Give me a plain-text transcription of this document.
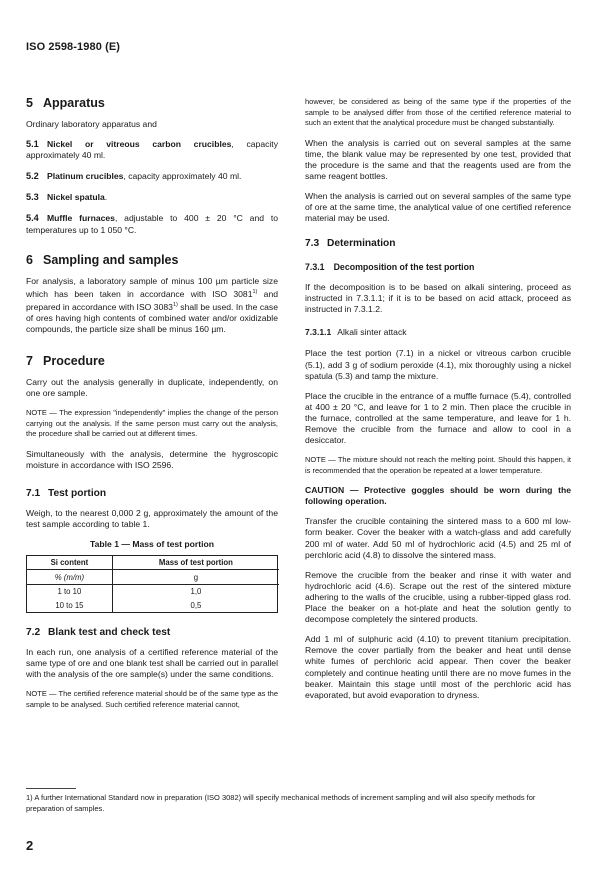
ISO 2598-1980 (E)
5 Apparatus

Ordinary laboratory apparatus and

5.1 Nickel or vitreous carbon crucibles, capacity approximately 40 ml.

5.2 Platinum crucibles, capacity approximately 40 ml.

5.3 Nickel spatula.

5.4 Muffle furnaces, adjustable to 400 ± 20 °C and to temperatures up to 1 050 °C.

6 Sampling and samples

For analysis, a laboratory sample of minus 100 µm particle size which has been taken in accordance with ISO 3081$^{1)}$ and prepared in accordance with ISO 3083$^{1)}$ shall be used. In the case of ores having high contents of combined water and/or oxidizable compounds, the particle size shall be minus 160 µm.

7 Procedure

Carry out the analysis generally in duplicate, independently, on one ore sample.

NOTE — The expression "independently" implies the change of the person carrying out the analysis. If the same person must carry out the analysis, the procedure shall be carried out at different times.

Simultaneously with the analysis, determine the hygroscopic moisture in accordance with ISO 2596.

7.1 Test portion

Weigh, to the nearest 0,000 2 g, approximately the amount of the test sample according to table 1.

Table 1 — Mass of test portion
Si content	Mass of test portion
% (m/m)	g
1 to 10	1,0
10 to 15	0,5
7.2 Blank test and check test

In each run, one analysis of a certified reference material of the same type of ore and one blank test shall be carried out in parallel with the analysis of the ore sample(s) under the same conditions.

NOTE — The certified reference material should be of the same type as the sample to be analysed. Such certified reference material cannot,

however, be considered as being of the same type if the properties of the sample to be analysed differ from those of the certified reference material to such an extent that the analytical procedure must be changed substantially.

When the analysis is carried out on several samples at the same time, the blank value may be represented by one test, provided that the procedure is the same and that the reagents used are from the same reagent bottles.

When the analysis is carried out on several samples of the same type of ore at the same time, the analytical value of one certified reference material may be used.

7.3 Determination
7.3.1 Decomposition of the test portion

If the decomposition is to be based on alkali sintering, proceed as instructed in 7.3.1.1; if it is to be based on acid attack, proceed as instructed in 7.3.1.2.

7.3.1.1 Alkali sinter attack

Place the test portion (7.1) in a nickel or vitreous carbon crucible (5.1), add 3 g of sodium peroxide (4.1), mix thoroughly using a nickel spatula (5.3) and tamp the mixture.

Place the crucible in the entrance of a muffle furnace (5.4), controlled at 400 ± 20 °C, and leave for 1 to 2 min. Then place the crucible in the furnace, controlled at the same temperature, and leave for 1 h. Remove the crucible from the furnace and allow to cool in a desiccator.

NOTE — The mixture should not reach the melting point. Should this happen, it is recommended that the operation be repeated at a lower temperature.

CAUTION — Protective goggles should be worn during the following operation.

Transfer the crucible containing the sintered mass to a 600 ml low-form beaker. Cover the beaker with a watch-glass and add carefully 200 ml of water. Add 50 ml of hydrochloric acid (4.5) and 25 ml of perchloric acid (4.8) to dissolve the sintered mass.

Remove the crucible from the beaker and rinse it with water and hydrochloric acid (4.6). Scrape out the rest of the sintered mixture adhering to the walls of the crucible, using a rubber-tipped glass rod. Place the beaker on a hot-plate and heat the solution gently to decompose completely the sintered products.

Add 1 ml of sulphuric acid (4.10) to prevent titanium precipitation. Remove the cover partially from the beaker and heat until dense white fumes of perchloric acid appear. Then cover the beaker completely and continue heating until there are no move fumes in the beaker. Maintain this stage until most of the perchloric acid has evaporated, but avoid evaporation to dryness.

1) A further International Standard now in preparation (ISO 3082) will specify mechanical methods of increment sampling and will also specify methods for preparation of samples.
2
